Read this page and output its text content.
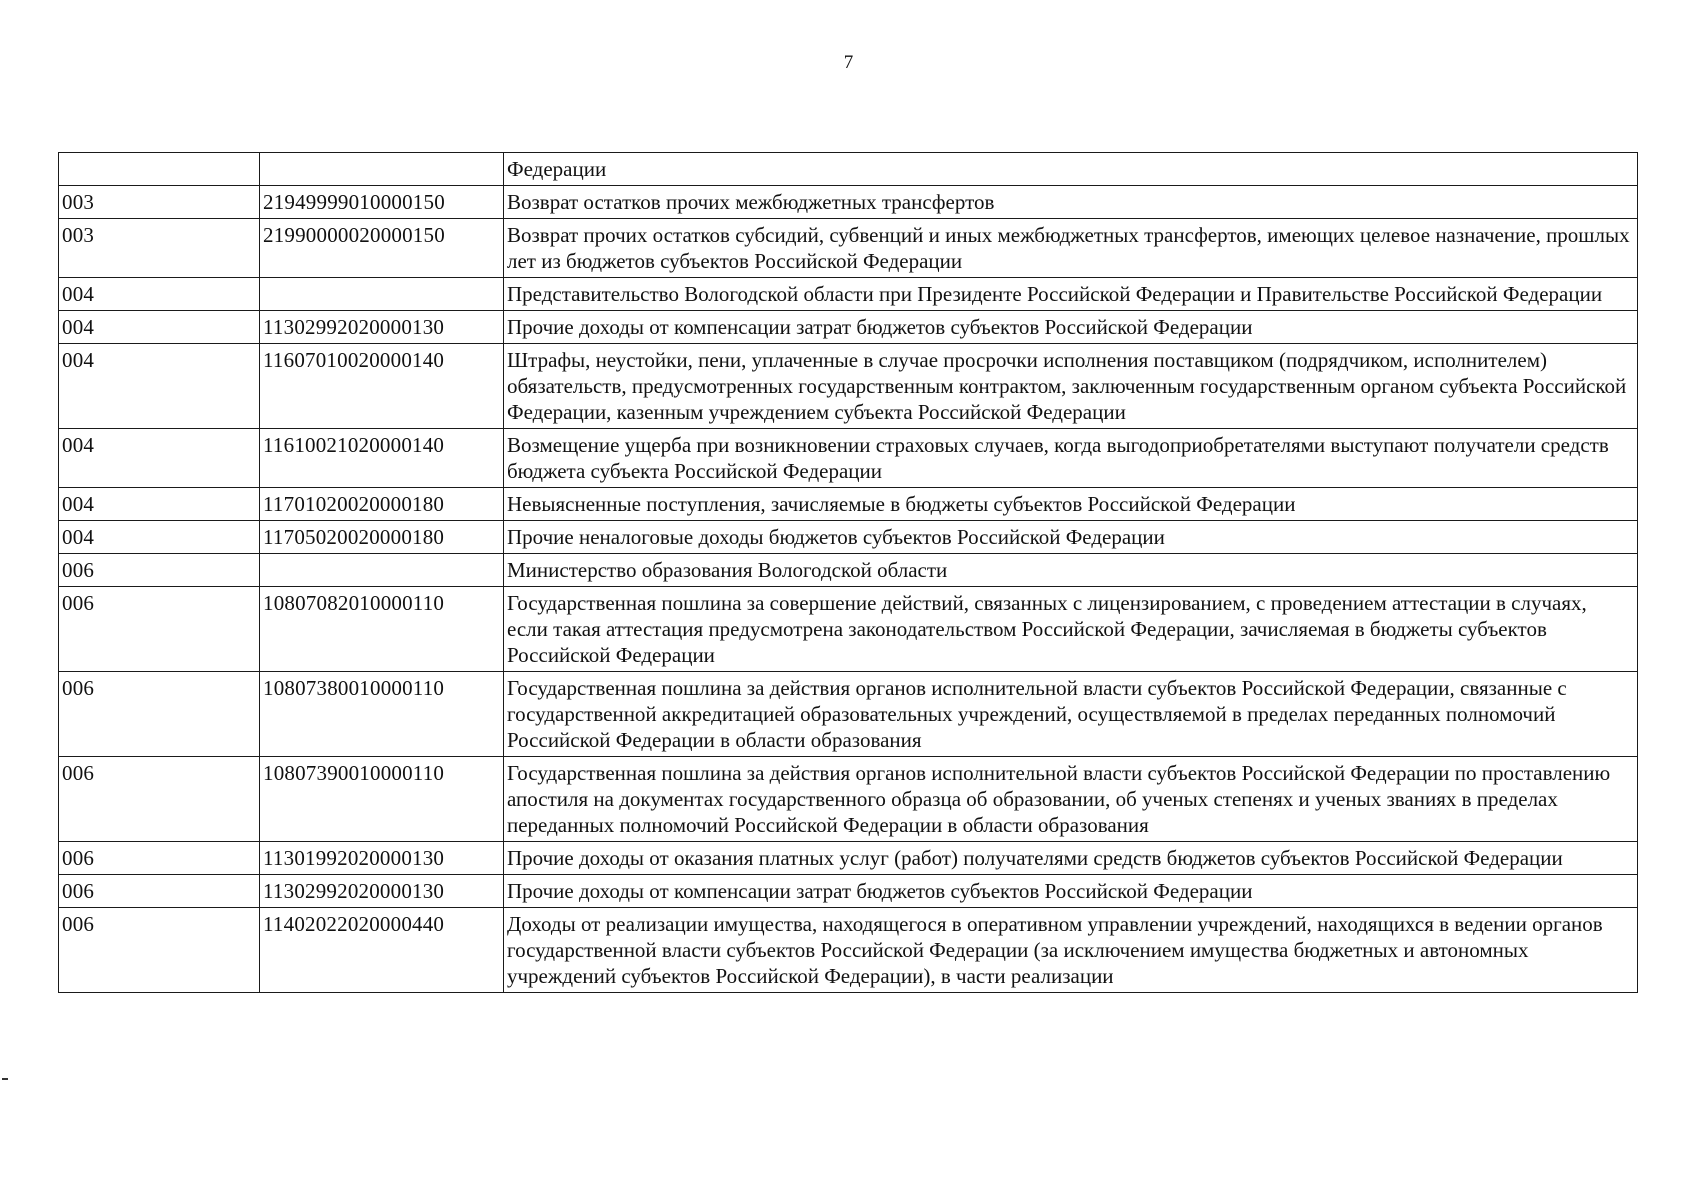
7
		Федерации
003	21949999010000150	Возврат остатков прочих межбюджетных трансфертов
003	21990000020000150	Возврат прочих остатков субсидий, субвенций и иных межбюджетных трансфертов, имеющих целевое назначение, прошлых лет из бюджетов субъектов Российской Федерации
004		Представительство Вологодской области при Президенте Российской Федерации и Правительстве Российской Федерации
004	11302992020000130	Прочие доходы от компенсации затрат бюджетов субъектов Российской Федерации
004	11607010020000140	Штрафы, неустойки, пени, уплаченные в случае просрочки исполнения поставщиком (подрядчиком, исполнителем) обязательств, предусмотренных государственным контрактом, заключенным государственным органом субъекта Российской Федерации, казенным учреждением субъекта Российской Федерации
004	11610021020000140	Возмещение ущерба при возникновении страховых случаев, когда выгодоприобретателями выступают получатели средств бюджета субъекта Российской Федерации
004	11701020020000180	Невыясненные поступления, зачисляемые в бюджеты субъектов Российской Федерации
004	11705020020000180	Прочие неналоговые доходы бюджетов субъектов Российской Федерации
006		Министерство образования Вологодской области
006	10807082010000110	Государственная пошлина за совершение действий, связанных с лицензированием, с проведением аттестации в случаях, если такая аттестация предусмотрена законодательством Российской Федерации, зачисляемая в бюджеты субъектов Российской Федерации
006	10807380010000110	Государственная пошлина за действия органов исполнительной власти субъектов Российской Федерации, связанные с государственной аккредитацией образовательных учреждений, осуществляемой в пределах переданных полномочий Российской Федерации в области образования
006	10807390010000110	Государственная пошлина за действия органов исполнительной власти субъектов Российской Федерации по проставлению апостиля на документах государственного образца об образовании, об ученых степенях и ученых званиях в пределах переданных полномочий Российской Федерации в области образования
006	11301992020000130	Прочие доходы от оказания платных услуг (работ) получателями средств бюджетов субъектов Российской Федерации
006	11302992020000130	Прочие доходы от компенсации затрат бюджетов субъектов Российской Федерации
006	11402022020000440	Доходы от реализации имущества, находящегося в оперативном управлении учреждений, находящихся в ведении органов государственной власти субъектов Российской Федерации (за исключением имущества бюджетных и автономных учреждений субъектов Российской Федерации), в части реализации
